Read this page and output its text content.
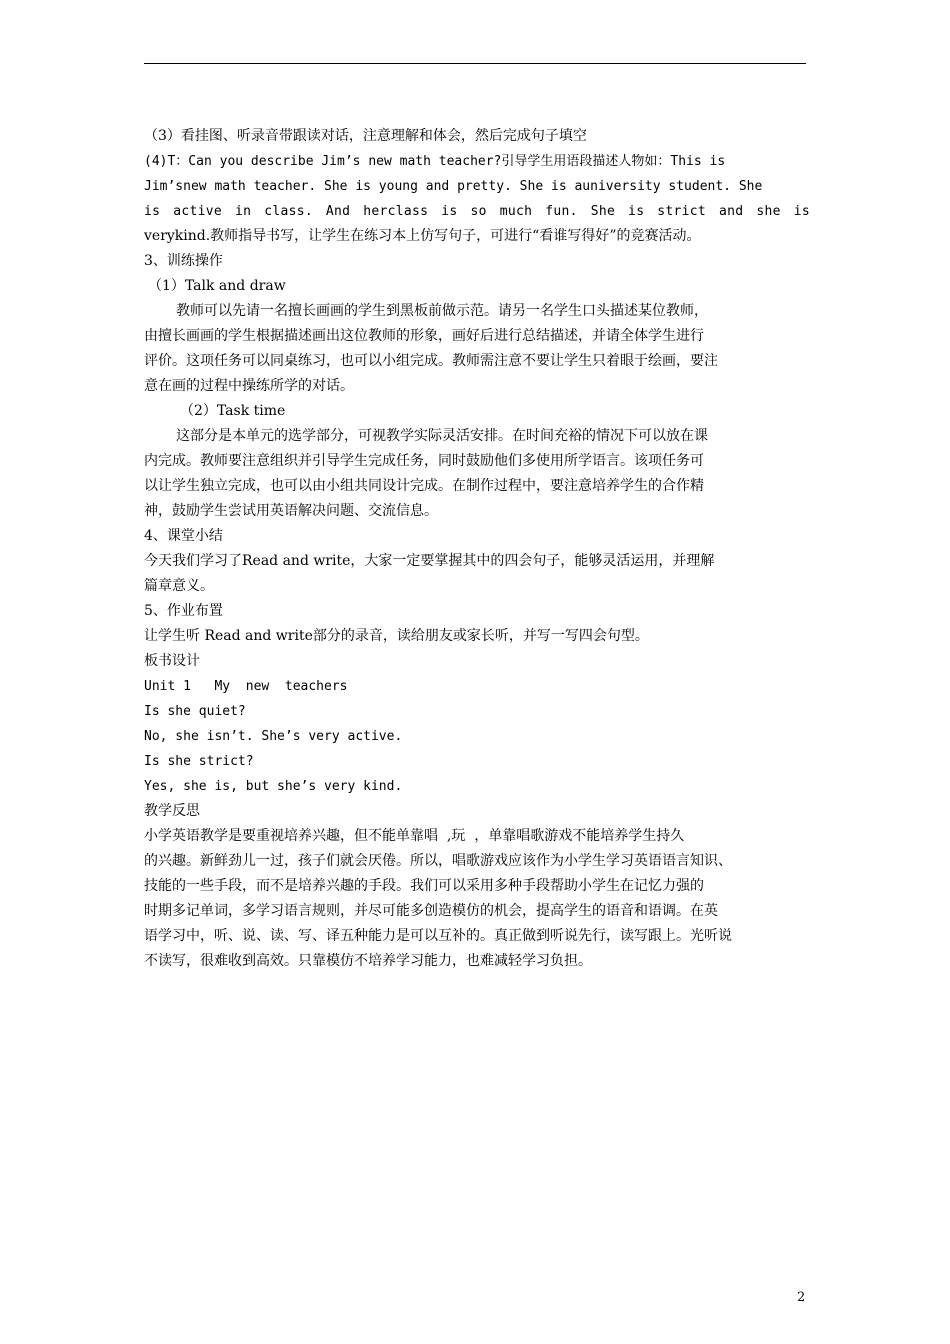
（3）看挂图、听录音带跟读对话，注意理解和体会，然后完成句子填空
(4)T：Can you describe Jim’s new math teacher?引导学生用语段描述人物如：This is
Jim’snew math teacher. She is young and pretty. She is auniversity student. She
is active in class. And herclass is so much fun. She is strict and she is
verykind.教师指导书写，让学生在练习本上仿写句子，可进行“看谁写得好”的竞赛活动。
3、训练操作
（1）Talk and draw
教师可以先请一名擅长画画的学生到黑板前做示范。请另一名学生口头描述某位教师，
由擅长画画的学生根据描述画出这位教师的形象，画好后进行总结描述，并请全体学生进行
评价。这项任务可以同桌练习，也可以小组完成。教师需注意不要让学生只着眼于绘画，要注
意在画的过程中操练所学的对话。
（2）Task time
这部分是本单元的选学部分，可视教学实际灵活安排。在时间充裕的情况下可以放在课
内完成。教师要注意组织并引导学生完成任务，同时鼓励他们多使用所学语言。该项任务可
以让学生独立完成，也可以由小组共同设计完成。在制作过程中，要注意培养学生的合作精
神，鼓励学生尝试用英语解决问题、交流信息。
4、课堂小结
今天我们学习了Read and write，大家一定要掌握其中的四会句子，能够灵活运用，并理解
篇章意义。
5、作业布置
让学生听 Read and write部分的录音，读给朋友或家长听，并写一写四会句型。
板书设计
Unit 1   My  new  teachers
Is she quiet?
No, she isn’t. She’s very active.
Is she strict?
Yes, she is, but she’s very kind.
教学反思
小学英语教学是要重视培养兴趣，但不能单靠唱  ,玩  ，单靠唱歌游戏不能培养学生持久
的兴趣。新鲜劲儿一过，孩子们就会厌倦。所以，唱歌游戏应该作为小学生学习英语语言知识、
技能的一些手段，而不是培养兴趣的手段。我们可以采用多种手段帮助小学生在记忆力强的
时期多记单词，多学习语言规则，并尽可能多创造模仿的机会，提高学生的语音和语调。在英
语学习中，听、说、读、写、译五种能力是可以互补的。真正做到听说先行，读写跟上。光听说
不读写，很难收到高效。只靠模仿不培养学习能力，也难减轻学习负担。
2
